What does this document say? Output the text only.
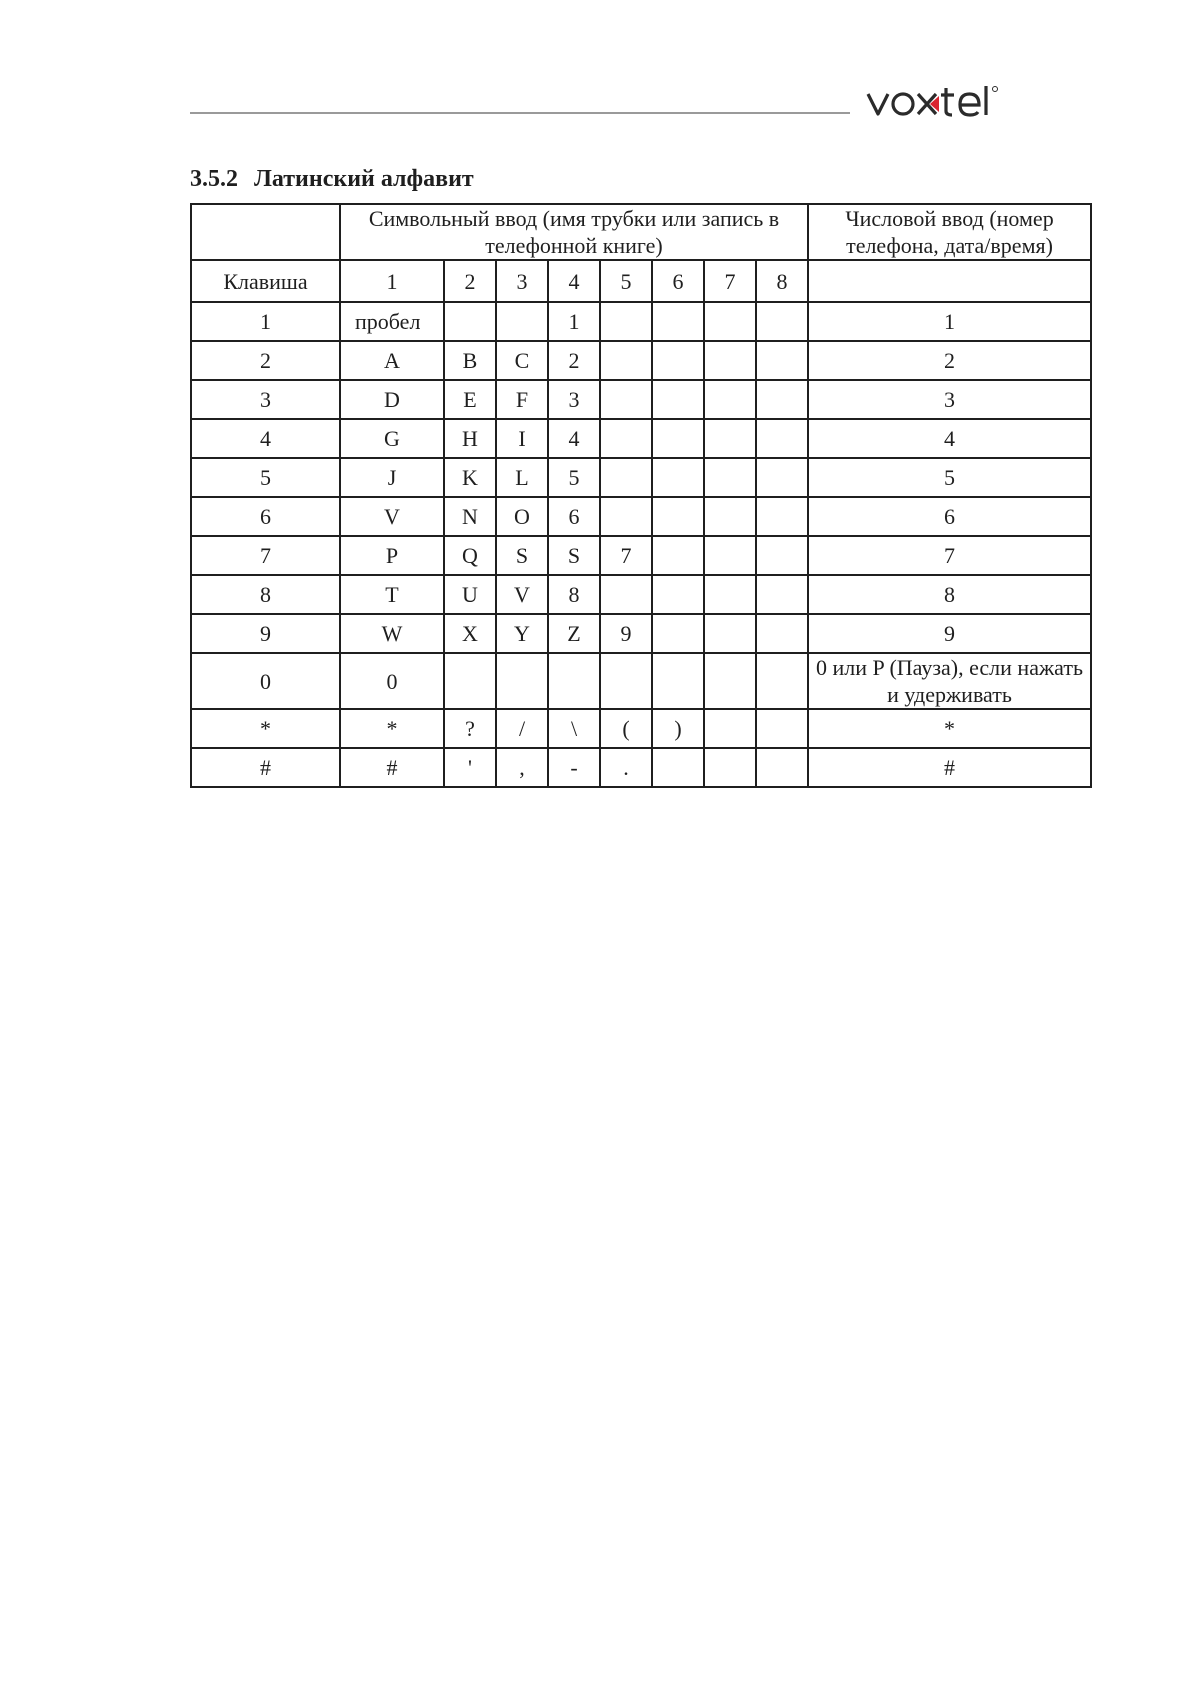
3.5.2 Латинский алфавит
	Символьный ввод (имя трубки или запись в телефонной книге)								Числовой ввод (номер телефона, дата/время)
Клавиша	1	2	3	4	5	6	7	8	
1	пробел			1					1
2	A	B	C	2					2
3	D	E	F	3					3
4	G	H	I	4					4
5	J	K	L	5					5
6	V	N	O	6					6
7	P	Q	S	S	7				7
8	T	U	V	8					8
9	W	X	Y	Z	9				9
0	0								0 или P (Пауза), если нажать и удерживать
*	*	?	/	\	(	)			*
#	#	'	,	-	.				#
